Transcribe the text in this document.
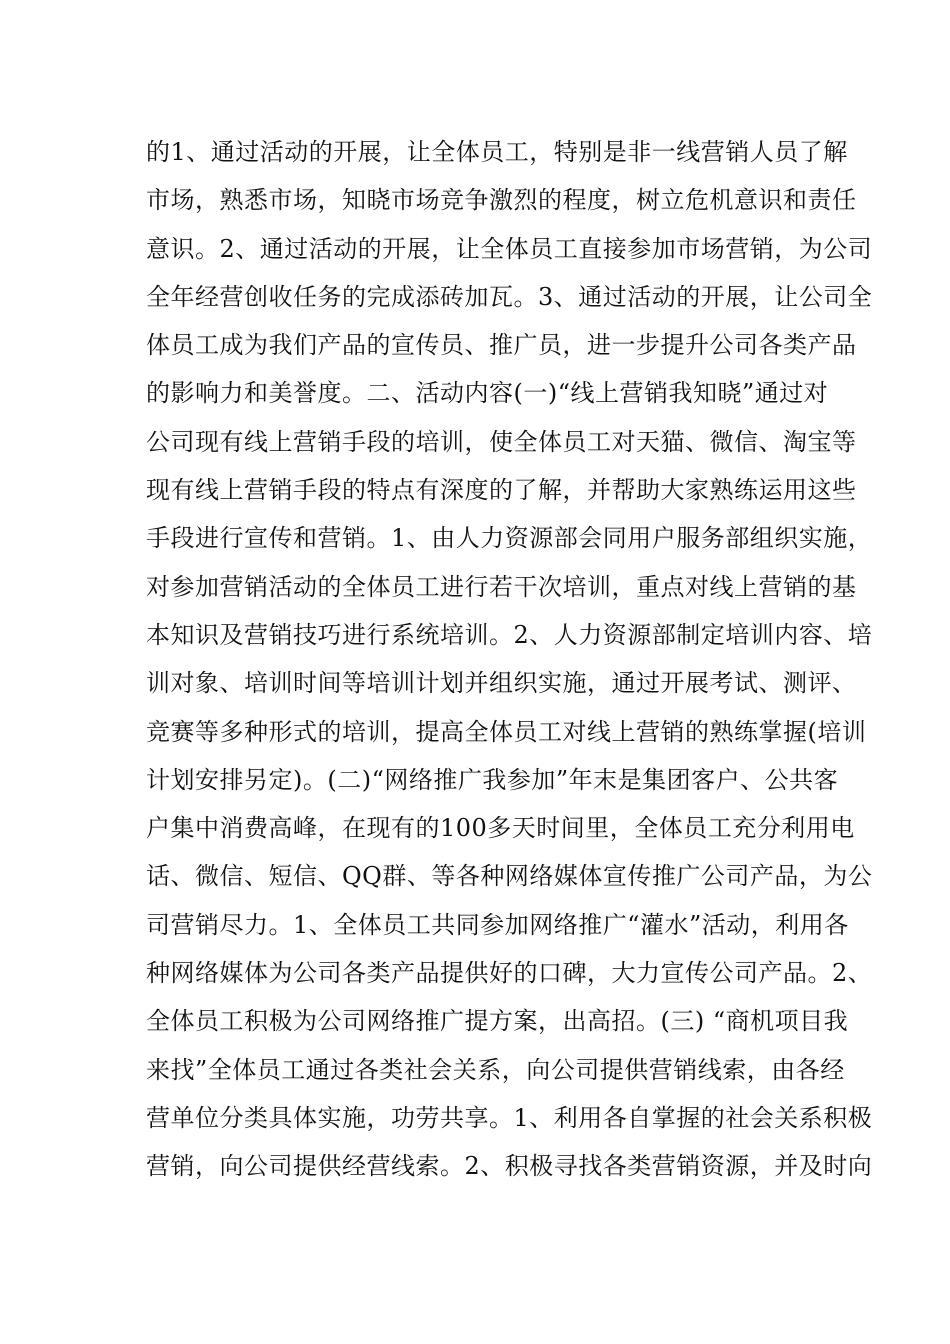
的1、通过活动的开展，让全体员工，特别是非一线营销人员了解
市场，熟悉市场，知晓市场竞争激烈的程度，树立危机意识和责任
意识。2、通过活动的开展，让全体员工直接参加市场营销，为公司
全年经营创收任务的完成添砖加瓦。3、通过活动的开展，让公司全
体员工成为我们产品的宣传员、推广员，进一步提升公司各类产品
的影响力和美誉度。二、活动内容(一)“线上营销我知晓”通过对
公司现有线上营销手段的培训，使全体员工对天猫、微信、淘宝等
现有线上营销手段的特点有深度的了解，并帮助大家熟练运用这些
手段进行宣传和营销。1、由人力资源部会同用户服务部组织实施，
对参加营销活动的全体员工进行若干次培训，重点对线上营销的基
本知识及营销技巧进行系统培训。2、人力资源部制定培训内容、培
训对象、培训时间等培训计划并组织实施，通过开展考试、测评、
竞赛等多种形式的培训，提高全体员工对线上营销的熟练掌握(培训
计划安排另定)。(二)“网络推广我参加”年末是集团客户、公共客
户集中消费高峰，在现有的100多天时间里，全体员工充分利用电
话、微信、短信、QQ群、等各种网络媒体宣传推广公司产品，为公
司营销尽力。1、全体员工共同参加网络推广“灌水”活动，利用各
种网络媒体为公司各类产品提供好的口碑，大力宣传公司产品。2、
全体员工积极为公司网络推广提方案，出高招。(三) “商机项目我
来找”全体员工通过各类社会关系，向公司提供营销线索，由各经
营单位分类具体实施，功劳共享。1、利用各自掌握的社会关系积极
营销，向公司提供经营线索。2、积极寻找各类营销资源，并及时向
